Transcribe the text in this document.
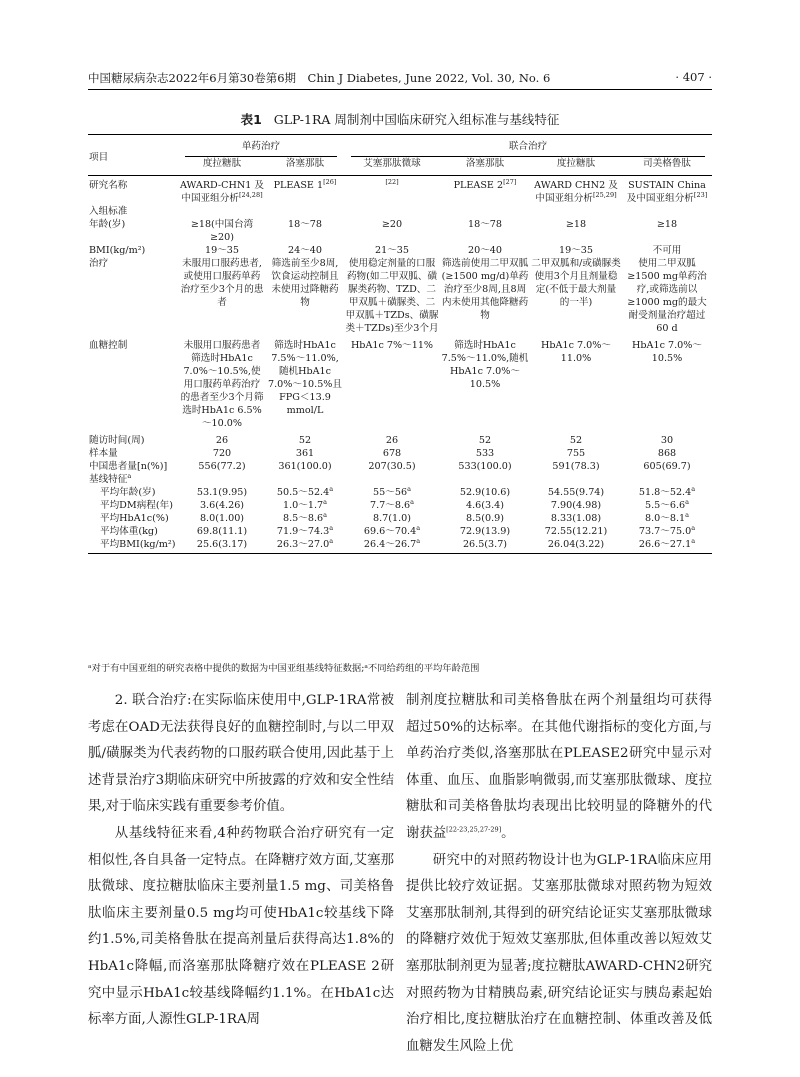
中国糖尿病杂志2022年6月第30卷第6期　Chin J Diabetes, June 2022, Vol. 30, No. 6	· 407 ·
表1 GLP-1RA 周制剂中国临床研究入组标准与基线特征
项目	单药治疗		联合治疗			

	度拉糖肽	洛塞那肽	艾塞那肽微球	洛塞那肽	度拉糖肽	司美格鲁肽
研究名称	AWARD-CHN1 及中国亚组分析[24,28]	PLEASE 1[26]	[22]	PLEASE 2[27]	AWARD CHN2 及中国亚组分析[25,29]	SUSTAIN China 及中国亚组分析[23]
入组标准						
年龄(岁)	≥18(中国台湾≥20)	18～78	≥20	18～78	≥18	≥18
BMI(kg/m²)	19～35	24～40	21～35	20～40	19～35	不可用
治疗	未服用口服药患者,或使用口服药单药治疗至少3个月的患者	筛选前至少8周,饮食运动控制且未使用过降糖药物	使用稳定剂量的口服药物(如二甲双胍、磺脲类药物、TZD、二甲双胍＋磺脲类、二甲双胍＋TZDs、磺脲类＋TZDs)至少3个月	筛选前使用二甲双胍(≥1500 mg/d)单药治疗至少8周,且8周内未使用其他降糖药物	二甲双胍和/或磺脲类使用3个月且剂量稳定(不低于最大剂量的一半)	使用二甲双胍≥1500 mg单药治疗,或筛选前以≥1000 mg的最大耐受剂量治疗超过60 d
血糖控制	未服用口服药患者筛选时HbA1c 7.0%～10.5%,使用口服药单药治疗的患者至少3个月筛选时HbA1c 6.5%～10.0%	筛选时HbA1c 7.5%～11.0%,随机HbA1c 7.0%～10.5%且FPG＜13.9 mmol/L	HbA1c 7%～11%	筛选时HbA1c 7.5%～11.0%,随机HbA1c 7.0%～10.5%	HbA1c 7.0%～11.0%	HbA1c 7.0%～10.5%
随访时间(周)	26	52	26	52	52	30
样本量	720	361	678	533	755	868
中国患者量[n(%)]	556(77.2)	361(100.0)	207(30.5)	533(100.0)	591(78.3)	605(69.7)
基线特征$^a$	
平均年龄(岁)	53.1(9.95)	50.5～52.4$^a$	55～56$^a$	52.9(10.6)	54.55(9.74)	51.8～52.4$^a$
平均DM病程(年)	3.6(4.26)	1.0～1.7$^a$	7.7～8.6$^a$	4.6(3.4)	7.90(4.98)	5.5～6.6$^a$
平均HbA1c(%)	8.0(1.00)	8.5～8.6$^a$	8.7(1.0)	8.5(0.9)	8.33(1.08)	8.0～8.1$^a$
平均体重(kg)	69.8(11.1)	71.9～74.3$^a$	69.6～70.4$^a$	72.9(13.9)	72.55(12.21)	73.7～75.0$^a$
平均BMI(kg/m²)	25.6(3.17)	26.3～27.0$^a$	26.4～26.7$^a$	26.5(3.7)	26.04(3.22)	26.6～27.1$^a$
ᵃ对于有中国亚组的研究表格中提供的数据为中国亚组基线特征数据;ᵃ不同给药组的平均年龄范围

2. 联合治疗:在实际临床使用中,GLP-1RA常被考虑在OAD无法获得良好的血糖控制时,与以二甲双胍/磺脲类为代表药物的口服药联合使用,因此基于上述背景治疗3期临床研究中所披露的疗效和安全性结果,对于临床实践有重要参考价值。

从基线特征来看,4种药物联合治疗研究有一定相似性,各自具备一定特点。在降糖疗效方面,艾塞那肽微球、度拉糖肽临床主要剂量1.5 mg、司美格鲁肽临床主要剂量0.5 mg均可使HbA1c较基线下降约1.5%,司美格鲁肽在提高剂量后获得高达1.8%的HbA1c降幅,而洛塞那肽降糖疗效在PLEASE 2研究中显示HbA1c较基线降幅约1.1%。在HbA1c达标率方面,人源性GLP-1RA周

制剂度拉糖肽和司美格鲁肽在两个剂量组均可获得超过50%的达标率。在其他代谢指标的变化方面,与单药治疗类似,洛塞那肽在PLEASE2研究中显示对体重、血压、血脂影响微弱,而艾塞那肽微球、度拉糖肽和司美格鲁肽均表现出比较明显的降糖外的代谢获益[22-23,25,27-29]。

研究中的对照药物设计也为GLP-1RA临床应用提供比较疗效证据。艾塞那肽微球对照药物为短效艾塞那肽制剂,其得到的研究结论证实艾塞那肽微球的降糖疗效优于短效艾塞那肽,但体重改善以短效艾塞那肽制剂更为显著;度拉糖肽AWARD-CHN2研究对照药物为甘精胰岛素,研究结论证实与胰岛素起始治疗相比,度拉糖肽治疗在血糖控制、体重改善及低血糖发生风险上优
